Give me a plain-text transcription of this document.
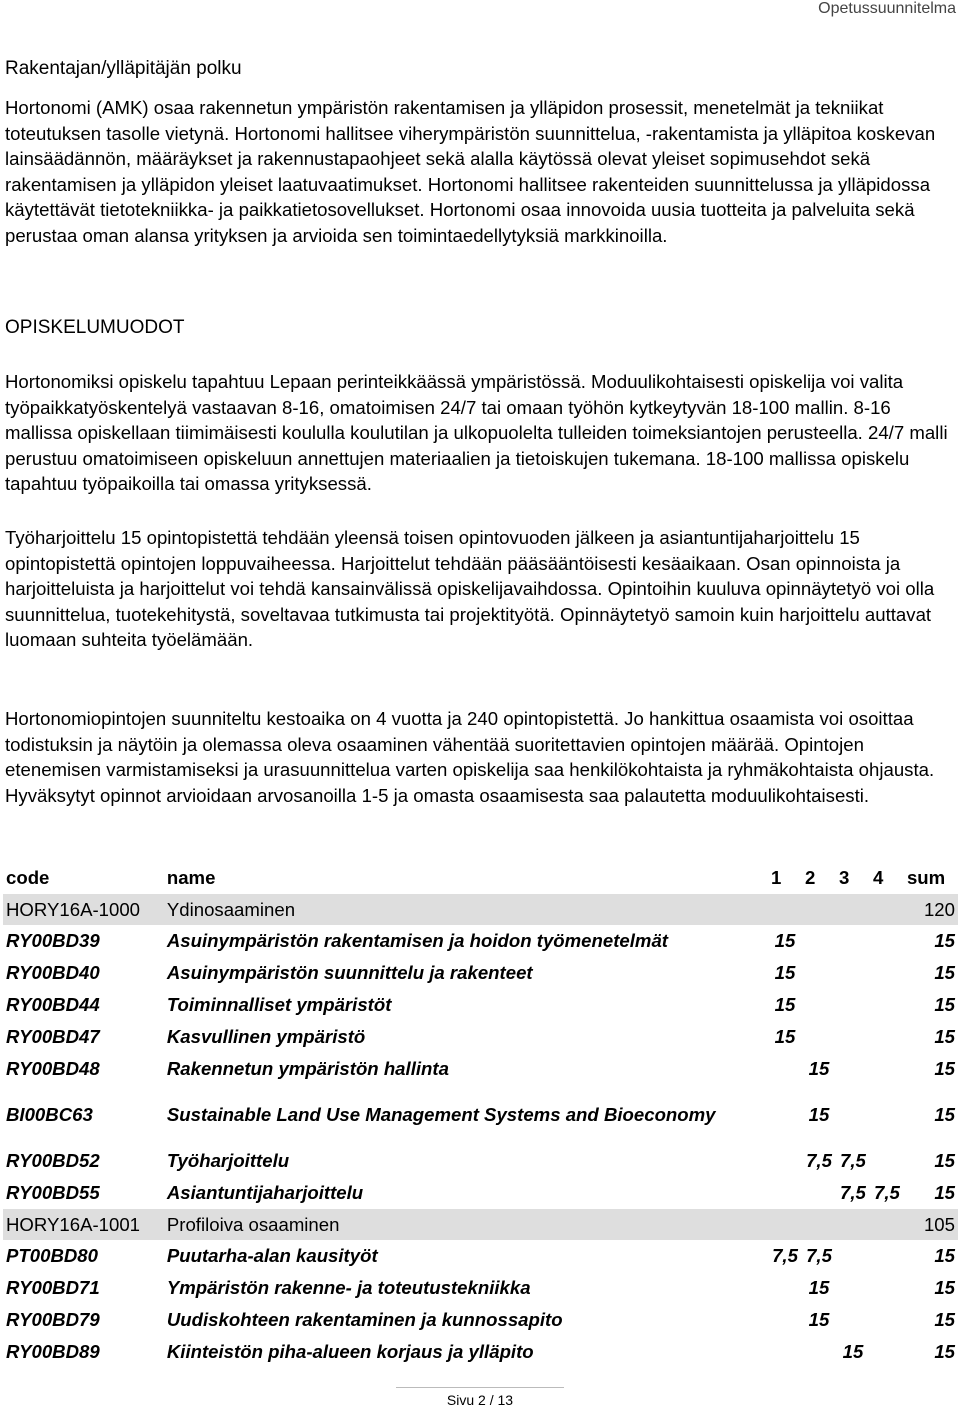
Opetussuunnitelma
Rakentajan/ylläpitäjän polku
Hortonomi (AMK) osaa rakennetun ympäristön rakentamisen ja ylläpidon prosessit, menetelmät ja tekniikat toteutuksen tasolle vietynä. Hortonomi hallitsee viherympäristön suunnittelua, -rakentamista ja ylläpitoa koskevan lainsäädännön, määräykset ja rakennustapaohjeet sekä alalla käytössä olevat yleiset sopimusehdot sekä rakentamisen ja ylläpidon yleiset laatuvaatimukset. Hortonomi hallitsee rakenteiden suunnittelussa ja ylläpidossa käytettävät tietotekniikka- ja paikkatietosovellukset. Hortonomi osaa innovoida uusia tuotteita ja palveluita sekä perustaa oman alansa yrityksen ja arvioida sen toimintaedellytyksiä markkinoilla.
OPISKELUMUODOT
Hortonomiksi opiskelu tapahtuu Lepaan perinteikkäässä ympäristössä. Moduulikohtaisesti opiskelija voi valita työpaikkatyöskentelyä vastaavan 8-16, omatoimisen 24/7 tai omaan työhön kytkeytyvän 18-100 mallin. 8-16 mallissa opiskellaan tiimimäisesti koululla koulutilan ja ulkopuolelta tulleiden toimeksiantojen perusteella. 24/7 malli perustuu omatoimiseen opiskeluun annettujen materiaalien ja tietoiskujen tukemana. 18-100 mallissa opiskelu tapahtuu työpaikoilla tai omassa yrityksessä.
Työharjoittelu 15 opintopistettä tehdään yleensä toisen opintovuoden jälkeen ja asiantuntijaharjoittelu 15 opintopistettä opintojen loppuvaiheessa. Harjoittelut tehdään pääsääntöisesti kesäaikaan. Osan opinnoista ja harjoitteluista ja harjoittelut voi tehdä kansainvälissä opiskelijavaihdossa. Opintoihin kuuluva opinnäytetyö voi olla suunnittelua, tuotekehitystä, soveltavaa tutkimusta tai projektityötä. Opinnäytetyö samoin kuin harjoittelu auttavat luomaan suhteita työelämään.
Hortonomiopintojen suunniteltu kestoaika on 4 vuotta ja 240 opintopistettä. Jo hankittua osaamista voi osoittaa todistuksin ja näytöin ja olemassa oleva osaaminen vähentää suoritettavien opintojen määrää. Opintojen etenemisen varmistamiseksi ja urasuunnittelua varten opiskelija saa henkilökohtaista ja ryhmäkohtaista ohjausta. Hyväksytyt opinnot arvioidaan arvosanoilla 1-5 ja omasta osaamisesta saa palautetta moduulikohtaisesti.
code	name	1	2	3	4	sum
HORY16A-1000	Ydinosaaminen					120
RY00BD39	Asuinympäristön rakentamisen ja hoidon työmenetelmät	15				15
RY00BD40	Asuinympäristön suunnittelu ja rakenteet	15				15
RY00BD44	Toiminnalliset ympäristöt	15				15
RY00BD47	Kasvullinen ympäristö	15				15
RY00BD48	Rakennetun ympäristön hallinta		15			15
BI00BC63	Sustainable Land Use Management Systems and Bioeconomy		15			15
RY00BD52	Työharjoittelu		7,5	7,5		15
RY00BD55	Asiantuntijaharjoittelu			7,5	7,5	15
HORY16A-1001	Profiloiva osaaminen					105
PT00BD80	Puutarha-alan kausityöt	7,5	7,5			15
RY00BD71	Ympäristön rakenne- ja toteutustekniikka		15			15
RY00BD79	Uudiskohteen rakentaminen ja kunnossapito		15			15
RY00BD89	Kiinteistön piha-alueen korjaus ja ylläpito			15		15
Sivu 2 / 13
